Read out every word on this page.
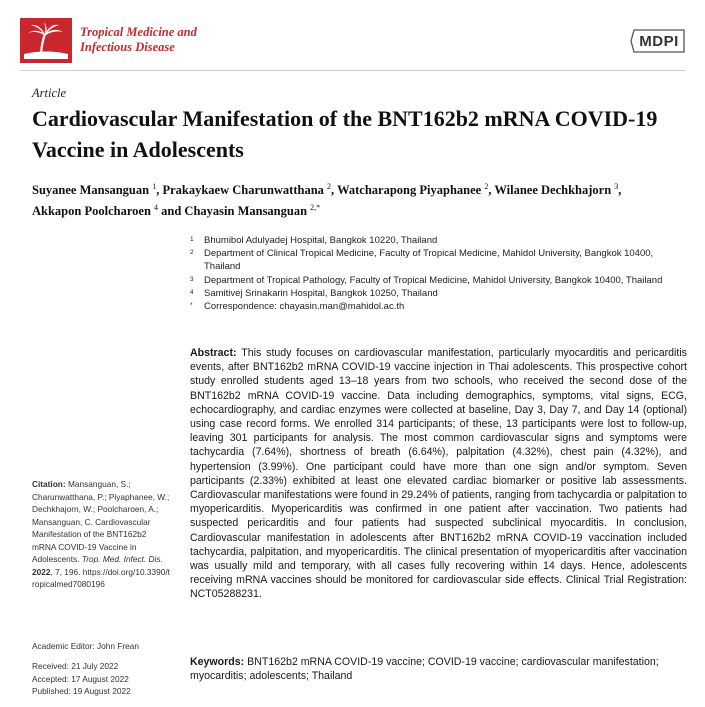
Tropical Medicine and Infectious Disease	MDPI
Article
Cardiovascular Manifestation of the BNT162b2 mRNA COVID-19 Vaccine in Adolescents
Suyanee Mansanguan $^1$, Prakaykaew Charunwatthana $^2$, Watcharapong Piyaphanee $^2$, Wilanee Dechkhajorn $^3$,
Akkapon Poolcharoen $^4$ and Chayasin Mansanguan $^{2,*}$
1 Bhumibol Adulyadej Hospital, Bangkok 10220, Thailand
2 Department of Clinical Tropical Medicine, Faculty of Tropical Medicine, Mahidol University, Bangkok 10400, Thailand
3 Department of Tropical Pathology, Faculty of Tropical Medicine, Mahidol University, Bangkok 10400, Thailand
4 Samitivej Srinakarin Hospital, Bangkok 10250, Thailand
* Correspondence: chayasin.man@mahidol.ac.th
Citation: Mansanguan, S.; Charunwatthana, P.; Piyaphanee, W.; Dechkhajorn, W.; Poolcharoen, A.; Mansanguan, C. Cardiovascular Manifestation of the BNT162b2 mRNA COVID-19 Vaccine in Adolescents. Trop. Med. Infect. Dis. 2022, 7, 196. https://doi.org/10.3390/tropicalmed7080196
Academic Editor: John Frean
Received: 21 July 2022
Accepted: 17 August 2022
Published: 19 August 2022
Abstract: This study focuses on cardiovascular manifestation, particularly myocarditis and pericarditis events, after BNT162b2 mRNA COVID-19 vaccine injection in Thai adolescents. This prospective cohort study enrolled students aged 13–18 years from two schools, who received the second dose of the BNT162b2 mRNA COVID-19 vaccine. Data including demographics, symptoms, vital signs, ECG, echocardiography, and cardiac enzymes were collected at baseline, Day 3, Day 7, and Day 14 (optional) using case record forms. We enrolled 314 participants; of these, 13 participants were lost to follow-up, leaving 301 participants for analysis. The most common cardiovascular signs and symptoms were tachycardia (7.64%), shortness of breath (6.64%), palpitation (4.32%), chest pain (4.32%), and hypertension (3.99%). One participant could have more than one sign and/or symptom. Seven participants (2.33%) exhibited at least one elevated cardiac biomarker or positive lab assessments. Cardiovascular manifestations were found in 29.24% of patients, ranging from tachycardia or palpitation to myopericarditis. Myopericarditis was confirmed in one patient after vaccination. Two patients had suspected pericarditis and four patients had suspected subclinical myocarditis. In conclusion, Cardiovascular manifestation in adolescents after BNT162b2 mRNA COVID-19 vaccination included tachycardia, palpitation, and myopericarditis. The clinical presentation of myopericarditis after vaccination was usually mild and temporary, with all cases fully recovering within 14 days. Hence, adolescents receiving mRNA vaccines should be monitored for cardiovascular side effects. Clinical Trial Registration: NCT05288231.
Keywords: BNT162b2 mRNA COVID-19 vaccine; COVID-19 vaccine; cardiovascular manifestation; myocarditis; adolescents; Thailand
